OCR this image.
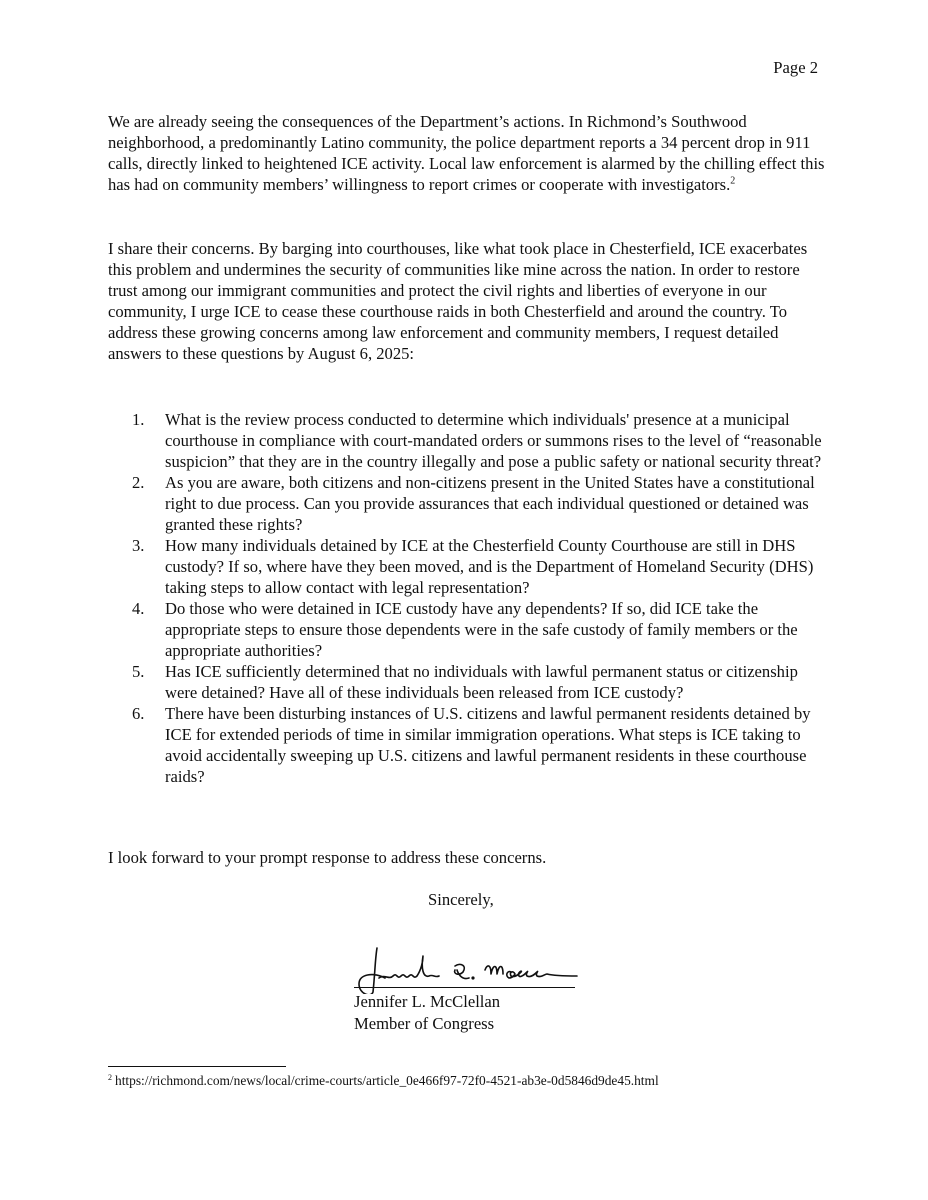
Page 2

We are already seeing the consequences of the Department’s actions. In Richmond’s Southwood neighborhood, a predominantly Latino community, the police department reports a 34 percent drop in 911 calls, directly linked to heightened ICE activity. Local law enforcement is alarmed by the chilling effect this has had on community members’ willingness to report crimes or cooperate with investigators.$^2$

I share their concerns. By barging into courthouses, like what took place in Chesterfield, ICE exacerbates this problem and undermines the security of communities like mine across the nation. In order to restore trust among our immigrant communities and protect the civil rights and liberties of everyone in our community, I urge ICE to cease these courthouse raids in both Chesterfield and around the country. To address these growing concerns among law enforcement and community members, I request detailed answers to these questions by August 6, 2025:

1. What is the review process conducted to determine which individuals' presence at a municipal courthouse in compliance with court-mandated orders or summons rises to the level of “reasonable suspicion” that they are in the country illegally and pose a public safety or national security threat?
2. As you are aware, both citizens and non-citizens present in the United States have a constitutional right to due process. Can you provide assurances that each individual questioned or detained was granted these rights?
3. How many individuals detained by ICE at the Chesterfield County Courthouse are still in DHS custody? If so, where have they been moved, and is the Department of Homeland Security (DHS) taking steps to allow contact with legal representation?
4. Do those who were detained in ICE custody have any dependents? If so, did ICE take the appropriate steps to ensure those dependents were in the safe custody of family members or the appropriate authorities?
5. Has ICE sufficiently determined that no individuals with lawful permanent status or citizenship were detained? Have all of these individuals been released from ICE custody?
6. There have been disturbing instances of U.S. citizens and lawful permanent residents detained by ICE for extended periods of time in similar immigration operations. What steps is ICE taking to avoid accidentally sweeping up U.S. citizens and lawful permanent residents in these courthouse raids?

I look forward to your prompt response to address these concerns.

Sincerely,
Jennifer L. McClellan
Member of Congress
$^2$ https://richmond.com/news/local/crime-courts/article_0e466f97-72f0-4521-ab3e-0d5846d9de45.html
